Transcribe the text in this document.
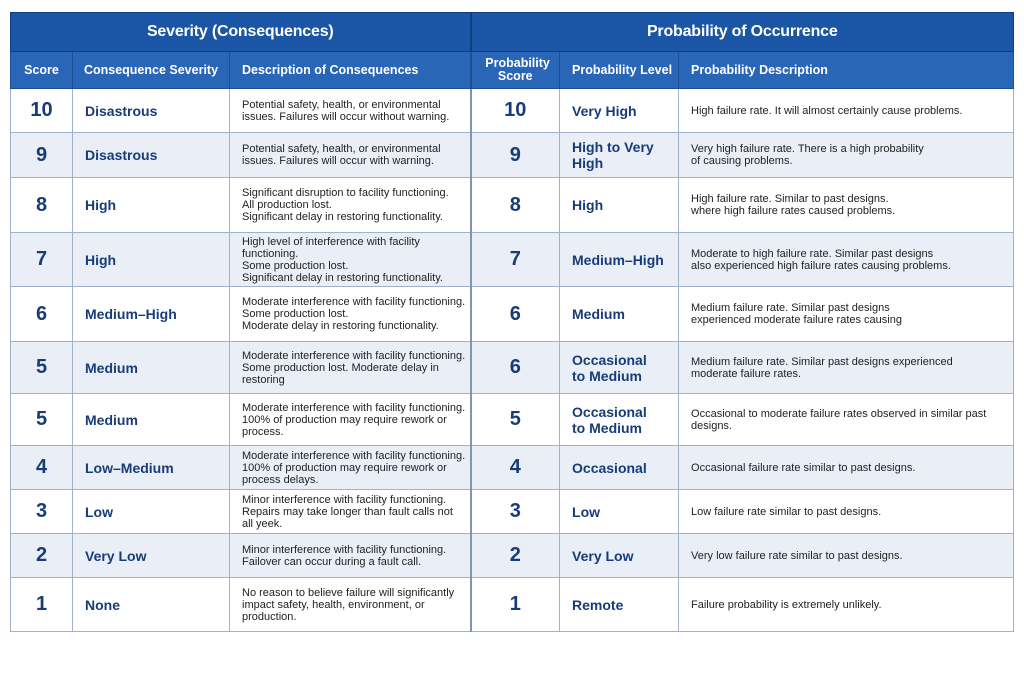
Severity (Consequences)			Probability of Occurrence		
Score	Consequence Severity	Description of Consequences	Probability Score	Probability Level	Probability Description

10	Disastrous	Potential safety, health, or environmental
issues. Failures will occur without warning.	10	Very High	High failure rate. It will almost certainly cause problems.

9	Disastrous	Potential safety, health, or environmental
issues. Failures will occur with warning.	9	High to Very High	Very high failure rate. There is a high probability
of causing problems.

8	High	Significant disruption to facility functioning.
All production lost.
Significant delay in restoring functionality.	8	High	High failure rate. Similar to past designs.
where high failure rates caused problems.

7	High	High level of interference with facility functioning.
Some production lost.
Significant delay in restoring functionality.	7	Medium–High	Moderate to high failure rate. Similar past designs
also experienced high failure rates causing problems.

6	Medium–High	Moderate interference with facility functioning.
Some production lost.
Moderate delay in restoring functionality.	6	Medium	Medium failure rate. Similar past designs
experienced moderate failure rates causing

5	Medium	Moderate interference with facility functioning.
Some production lost. Moderate delay in restoring	6	Occasional
to Medium	Medium failure rate. Similar past designs experienced
moderate failure rates.

5	Medium	Moderate interference with facility functioning.
100% of production may require rework or process.	5	Occasional
to Medium	Occasional to moderate failure rates observed in similar past designs.

4	Low–Medium	Moderate interference with facility functioning.
100% of production may require rework or process delays.	4	Occasional	Occasional failure rate similar to past designs.

3	Low	Minor interference with facility functioning.
Repairs may take longer than fault calls not all yeek.	3	Low	Low failure rate similar to past designs.

2	Very Low	Minor interference with facility functioning.
Failover can occur during a fault call.	2	Very Low	Very low failure rate similar to past designs.

1	None	No reason to believe failure will significantly
impact safety, health, environment, or production.	1	Remote	Failure probability is extremely unlikely.
